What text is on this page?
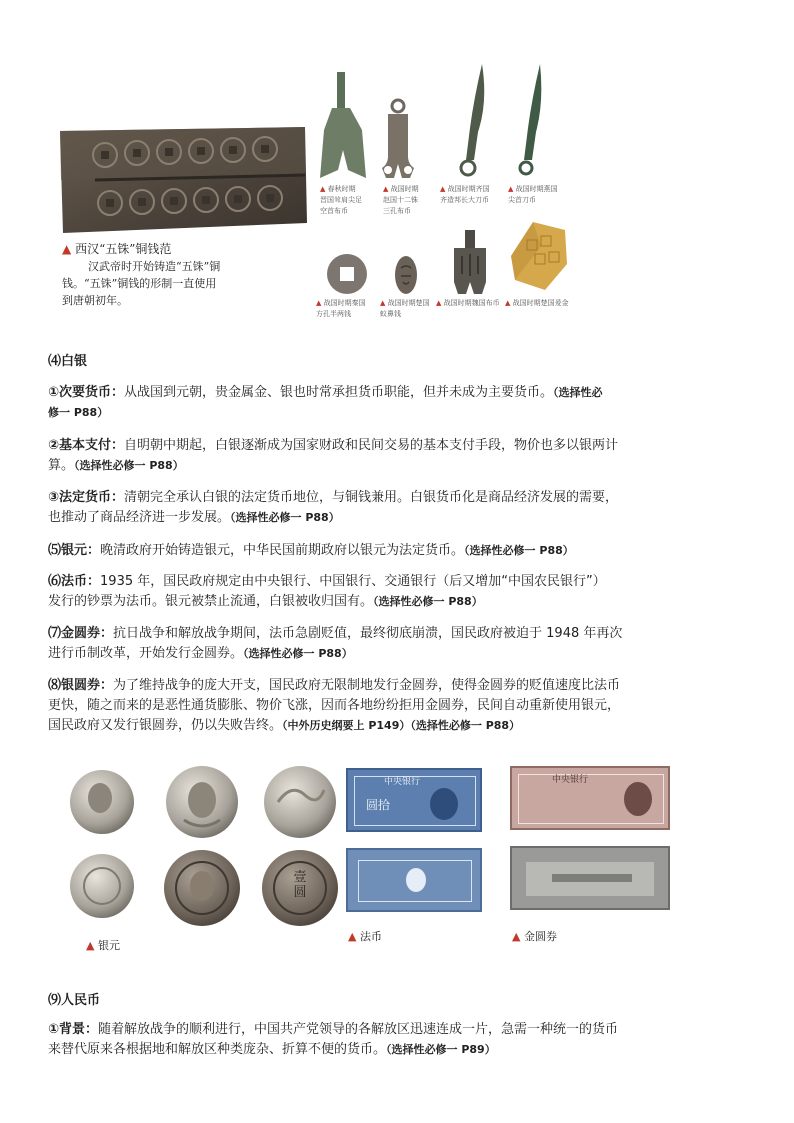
▲ 西汉“五铢”铜钱范
汉武帝时开始铸造“五铢”铜
钱。“五铢”铜钱的形制一直使用
到唐朝初年。
▲ 春秋时期
晋国耸肩尖足
空首布币
▲ 战国时期
赵国十二铢
三孔布币
▲ 战国时期齐国
齐造邦长大刀币
▲ 战国时期燕国
尖首刀币
▲ 战国时期秦国
方孔半两钱
▲ 战国时期楚国
蚁鼻钱
▲ 战国时期魏国布币 ▲ 战国时期楚国爰金
⑷白银
①次要货币：从战国到元朝，贵金属金、银也时常承担货币职能，但并未成为主要货币。（选择性必
修一 P88）
②基本支付：自明朝中期起，白银逐渐成为国家财政和民间交易的基本支付手段，物价也多以银两计
算。（选择性必修一 P88）
③法定货币：清朝完全承认白银的法定货币地位，与铜钱兼用。白银货币化是商品经济发展的需要，
也推动了商品经济进一步发展。（选择性必修一 P88）
⑸银元：晚清政府开始铸造银元，中华民国前期政府以银元为法定货币。（选择性必修一 P88）
⑹法币：1935 年，国民政府规定由中央银行、中国银行、交通银行（后又增加“中国农民银行”）
发行的钞票为法币。银元被禁止流通，白银被收归国有。（选择性必修一 P88）
⑺金圆券：抗日战争和解放战争期间，法币急剧贬值，最终彻底崩溃，国民政府被迫于 1948 年再次
进行币制改革，开始发行金圆券。（选择性必修一 P88）
⑻银圆券：为了维持战争的庞大开支，国民政府无限制地发行金圆券，使得金圆券的贬值速度比法币
更快，随之而来的是恶性通货膨胀、物价飞涨，因而各地纷纷拒用金圆券，民间自动重新使用银元，
国民政府又发行银圆券，仍以失败告终。（中外历史纲要上 P149）（选择性必修一 P88）
壹圆
▲ 银元
中央银行
圆拾
▲ 法币
中央银行
▲ 金圆券
⑼人民币
①背景：随着解放战争的顺利进行，中国共产党领导的各解放区迅速连成一片，急需一种统一的货币
来替代原来各根据地和解放区种类庞杂、折算不便的货币。（选择性必修一 P89）
